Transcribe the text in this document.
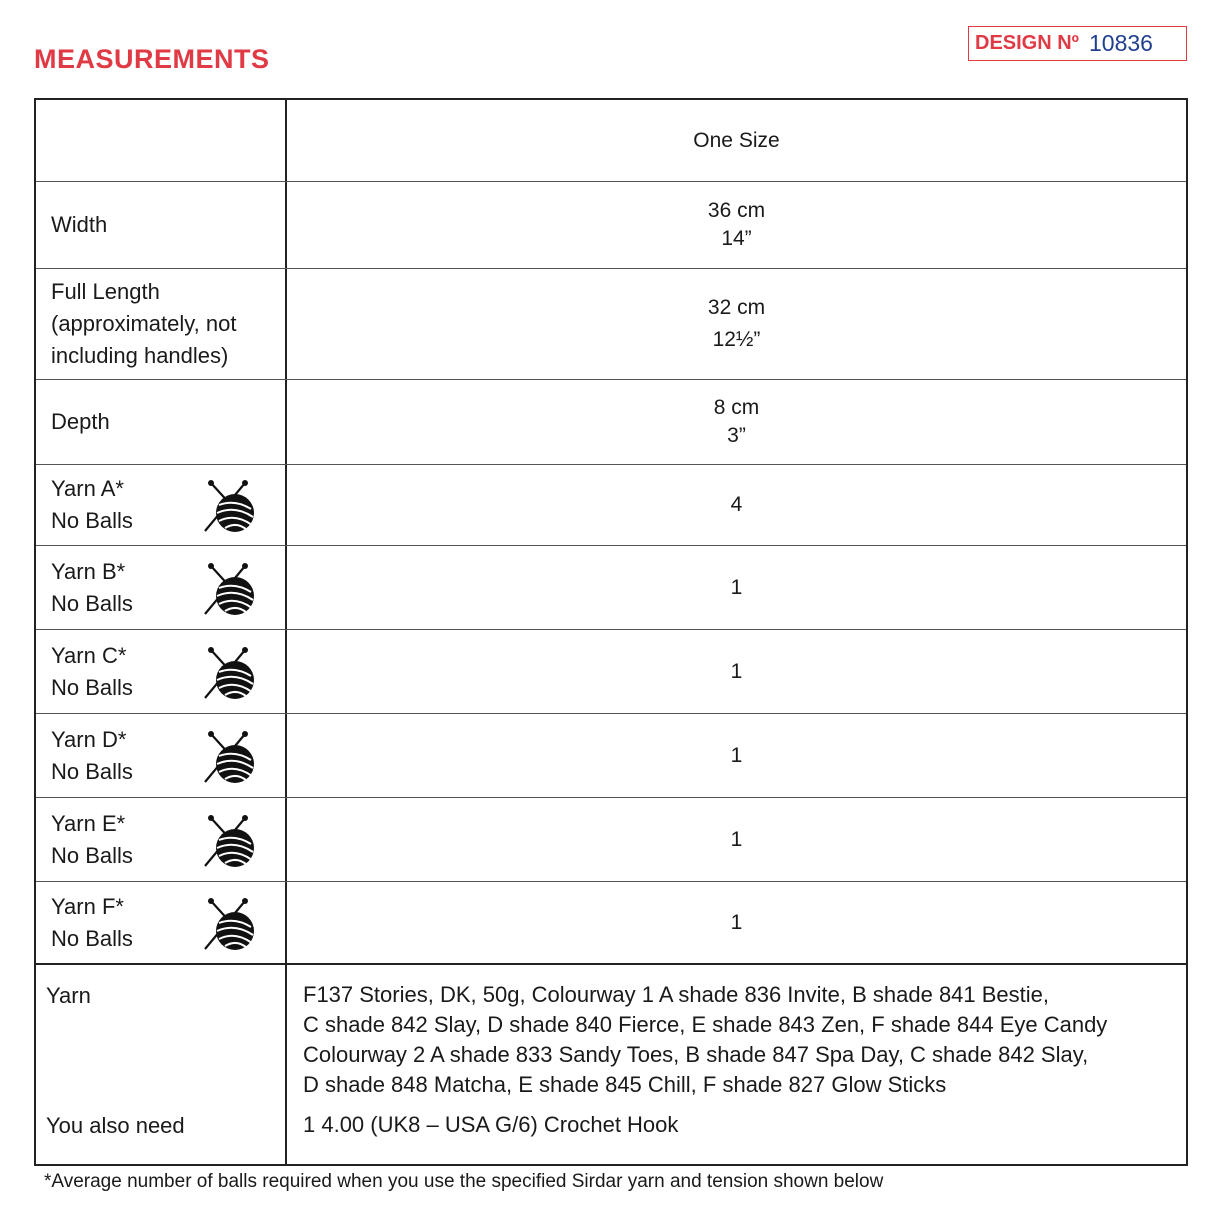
MEASUREMENTS
DESIGN Nº 10836
One Size
Width
36 cm
14”
Full Length
(approximately, not
including handles)
32 cm
12½”
Depth
8 cm
3”
Yarn A*
No Balls
4
Yarn B*
No Balls
1
Yarn C*
No Balls
1
Yarn D*
No Balls
1
Yarn E*
No Balls
1
Yarn F*
No Balls
1
Yarn
You also need
F137 Stories, DK, 50g, Colourway 1 A shade 836 Invite, B shade 841 Bestie,
C shade 842 Slay, D shade 840 Fierce, E shade 843 Zen, F shade 844 Eye Candy
Colourway 2 A shade 833 Sandy Toes, B shade 847 Spa Day, C shade 842 Slay,
D shade 848 Matcha, E shade 845 Chill, F shade 827 Glow Sticks
1 4.00 (UK8 – USA G/6) Crochet Hook
*Average number of balls required when you use the specified Sirdar yarn and tension shown below
